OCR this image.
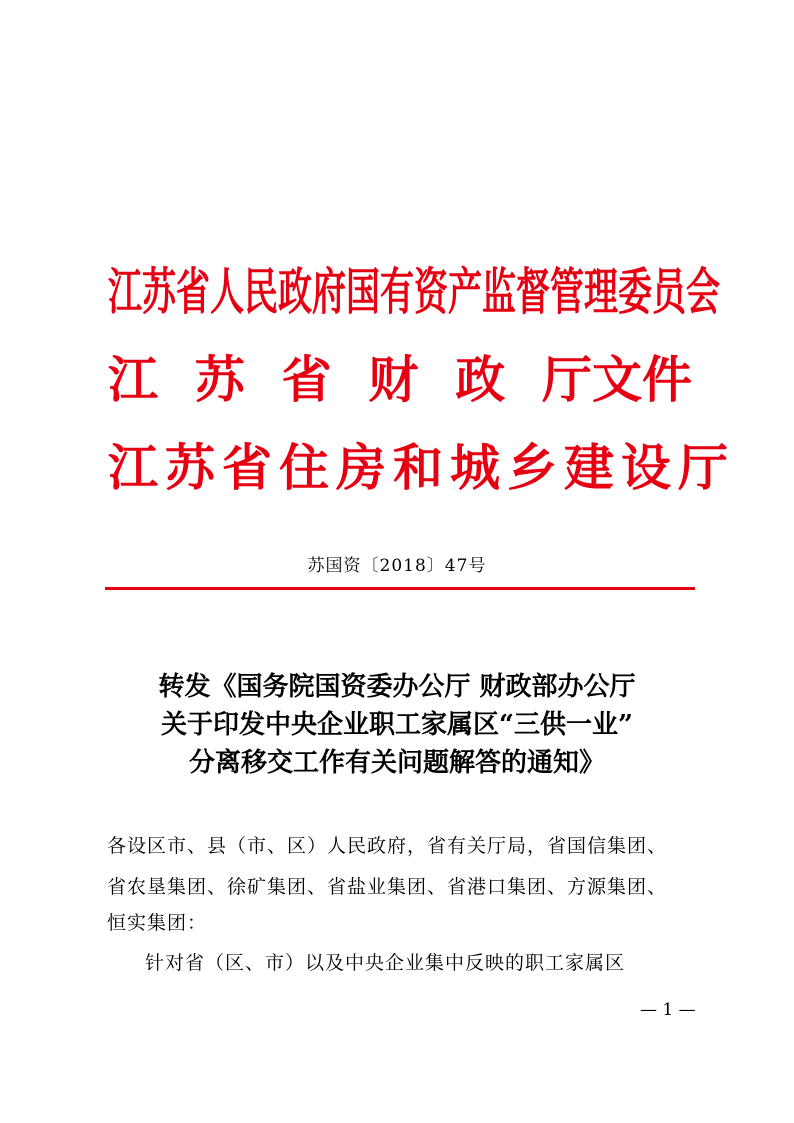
江苏省人民政府国有资产监督管理委员会
江 苏 省 财 政 厅文件
江苏省住房和城乡建设厅
苏国资〔2018〕47号
转发《国务院国资委办公厅 财政部办公厅
关于印发中央企业职工家属区“三供一业”
分离移交工作有关问题解答的通知》
各设区市、县（市、区）人民政府，省有关厅局，省国信集团、
省农垦集团、徐矿集团、省盐业集团、省港口集团、方源集团、
恒实集团：
针对省（区、市）以及中央企业集中反映的职工家属区
— 1 —
